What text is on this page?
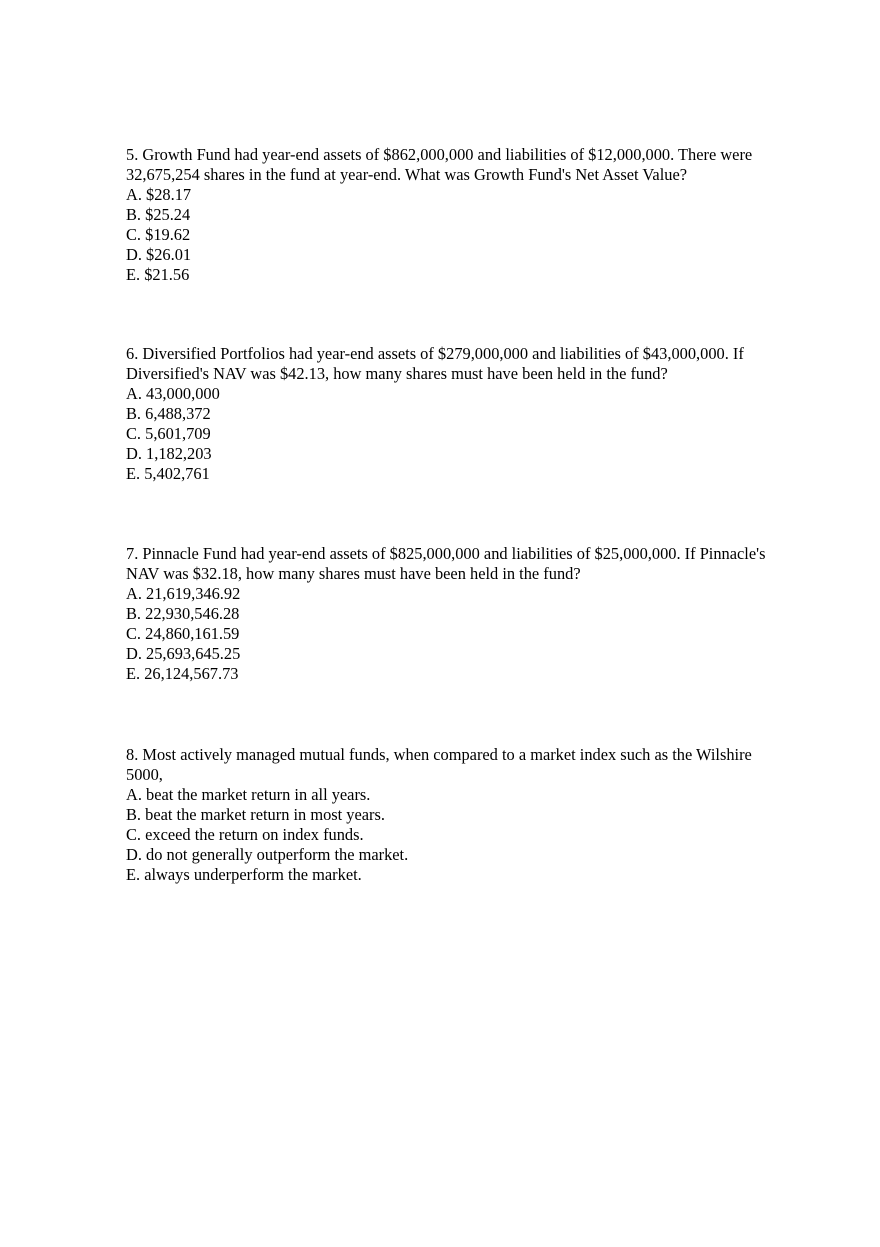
5. Growth Fund had year-end assets of $862,000,000 and liabilities of $12,000,000. There were 32,675,254 shares in the fund at year-end. What was Growth Fund's Net Asset Value?
A. $28.17
B. $25.24
C. $19.62
D. $26.01
E. $21.56
6. Diversified Portfolios had year-end assets of $279,000,000 and liabilities of $43,000,000. If Diversified's NAV was $42.13, how many shares must have been held in the fund?
A. 43,000,000
B. 6,488,372
C. 5,601,709
D. 1,182,203
E. 5,402,761
7. Pinnacle Fund had year-end assets of $825,000,000 and liabilities of $25,000,000. If Pinnacle's NAV was $32.18, how many shares must have been held in the fund?
A. 21,619,346.92
B. 22,930,546.28
C. 24,860,161.59
D. 25,693,645.25
E. 26,124,567.73
8. Most actively managed mutual funds, when compared to a market index such as the Wilshire 5000,
A. beat the market return in all years.
B. beat the market return in most years.
C. exceed the return on index funds.
D. do not generally outperform the market.
E. always underperform the market.
